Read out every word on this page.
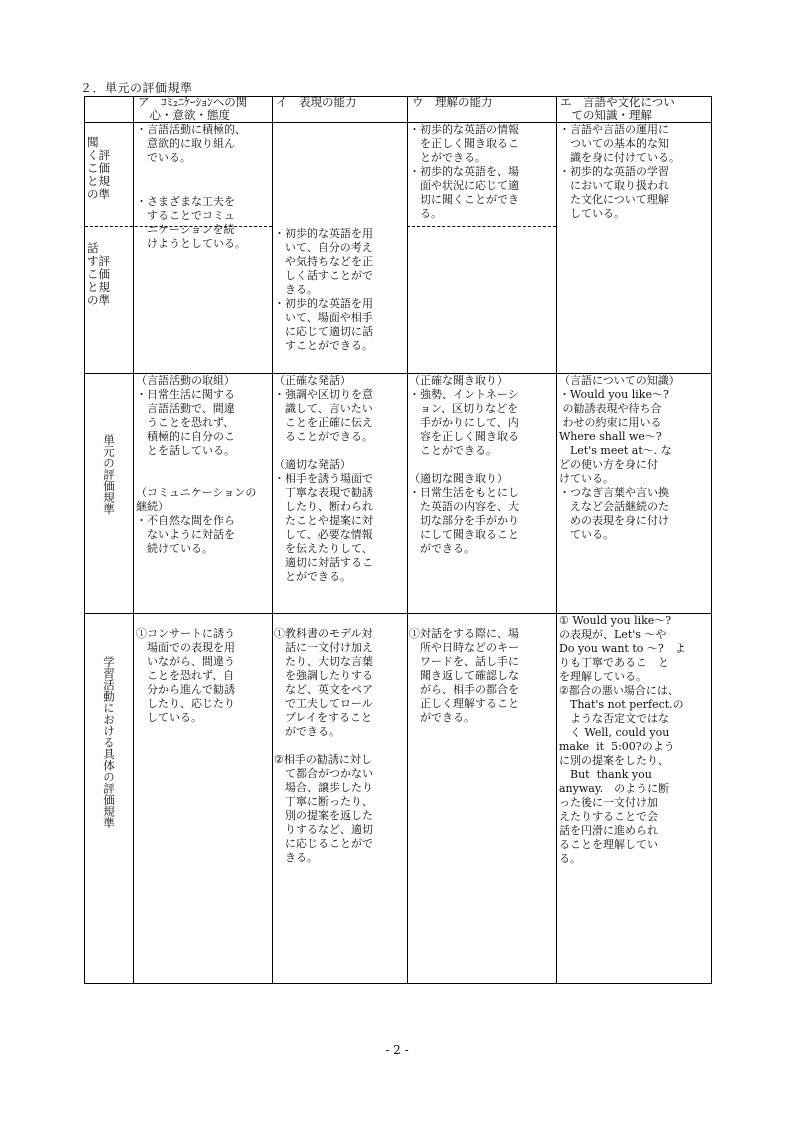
２．単元の評価規準
ア　ｺﾐｭﾆｹｰｼｮﾝへの関
　心・意欲・態度
イ　表現の能力	ウ　理解の能力	エ　言語や文化につい
　ての知識・理解
聞
く評
こ価
と規
の準
話
す評
こ価
と規
の準
単元の評価規準
学習活動における具体の評価規準
・言語活動に積極的、
　意欲的に取り組ん
　でいる。
・さまざまな工夫を
　することでコミュ
　ニケーションを続
　けようとしている。
・初歩的な英語を用
　いて、自分の考え
　や気持ちなどを正
　しく話すことがで
　きる。
・初歩的な英語を用
　いて、場面や相手
　に応じて適切に話
　すことができる。
・初歩的な英語の情報
　を正しく聞き取るこ
　とができる。
・初歩的な英語を、場
　面や状況に応じて適
　切に聞くことができ
　る。
・言語や言語の運用に
　ついての基本的な知
　識を身に付けている。
・初歩的な英語の学習
　において取り扱われ
　た文化について理解
　している。
（言語活動の取組）
・日常生活に関する
　言語活動で、間違
　うことを恐れず、
　積極的に自分のこ
　とを話している。

（コミュニケーションの
継続）
・不自然な間を作ら
　ないように対話を
　続けている。
（正確な発話）
・強調や区切りを意
　識して、言いたい
　ことを正確に伝え
　ることができる。

（適切な発話）
・相手を誘う場面で
　丁寧な表現で勧誘
　したり、断わられ
　たことや提案に対
　して、必要な情報
　を伝えたりして、
　適切に対話するこ
　とができる。
（正確な聞き取り）
・強勢、イントネーシ
　ョン、区切りなどを
　手がかりにして、内
　容を正しく聞き取る
　ことができる。

（適切な聞き取り）
・日常生活をもとにし
　た英語の内容を、大
　切な部分を手がかり
　にして聞き取ること
　ができる。
（言語についての知識）
・Would you like～?
の勧誘表現や待ち合
わせの約束に用いる
Where shall we～?
　Let's meet at～. な
どの使い方を身に付
けている。
・つなぎ言葉や言い換
　えなど会話継続のた
　めの表現を身に付け
　ている。
①コンサートに誘う
　場面での表現を用
　いながら、間違う
　ことを恐れず、自
　分から進んで勧誘
　したり、応じたり
　している。
①教科書のモデル対
　話に一文付け加え
　たり、大切な言葉
　を強調したりする
　など、英文をペア
　で工夫してロール
　プレイをすること
　ができる。

②相手の勧誘に対し
　て都合がつかない
　場合、譲歩したり
　丁寧に断ったり、
　別の提案を返した
　りするなど、適切
　に応じることがで
　きる。
①対話をする際に、場
　所や日時などのキー
　ワードを、話し手に
　聞き返して確認しな
　がら、相手の都合を
　正しく理解すること
　ができる。
① Would you like～?
の表現が、Let's ～や
Do you want to ～?　よ
りも丁寧であるこ　と
を理解している。
②都合の悪い場合には、
　That's not perfect.の
　ような否定文ではな
　く Well, could you
make  it  5:00?のよう
に別の提案をしたり、
　But  thank you
anyway.　のように断
った後に一文付け加
えたりすることで会
話を円滑に進められ
ることを理解してい
る。
- 2 -
